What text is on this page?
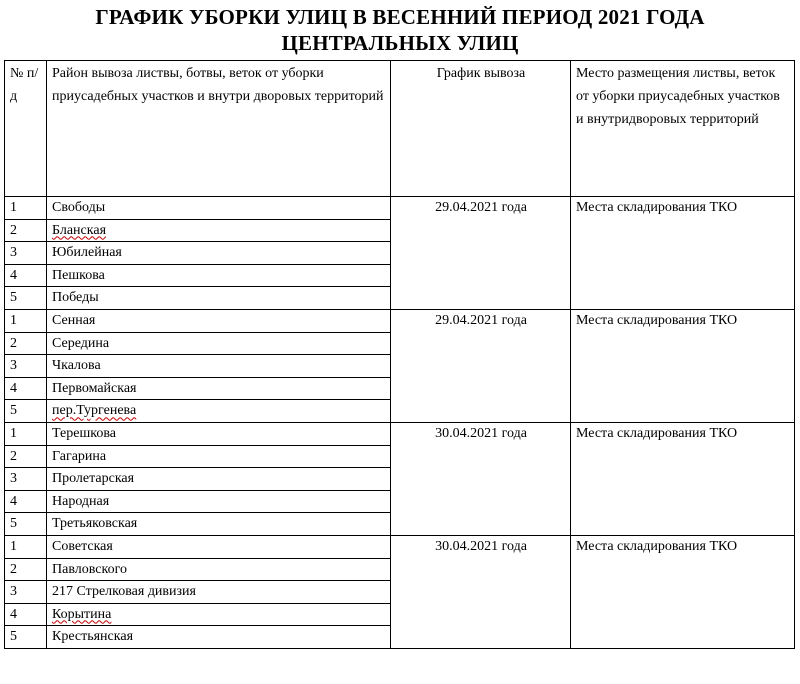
ГРАФИК УБОРКИ УЛИЦ В ВЕСЕННИЙ ПЕРИОД 2021 ГОДА
ЦЕНТРАЛЬНЫХ УЛИЦ
№ п/д	Район вывоза листвы, ботвы, веток от уборки приусадебных участков и внутри дворовых территорий	График вывоза	Место размещения листвы, веток от уборки приусадебных участков и внутридворовых территорий
1	Свободы	29.04.2021 года	Места складирования ТКО
2	Бланская		
3	Юбилейная		
4	Пешкова		
5	Победы		
1	Сенная	29.04.2021 года	Места складирования ТКО
2	Середина		
3	Чкалова		
4	Первомайская		
5	пер.Тургенева		
1	Терешкова	30.04.2021 года	Места складирования ТКО
2	Гагарина		
3	Пролетарская		
4	Народная		
5	Третьяковская		
1	Советская	30.04.2021 года	Места складирования ТКО
2	Павловского		
3	217 Стрелковая дивизия		
4	Корытина		
5	Крестьянская		
